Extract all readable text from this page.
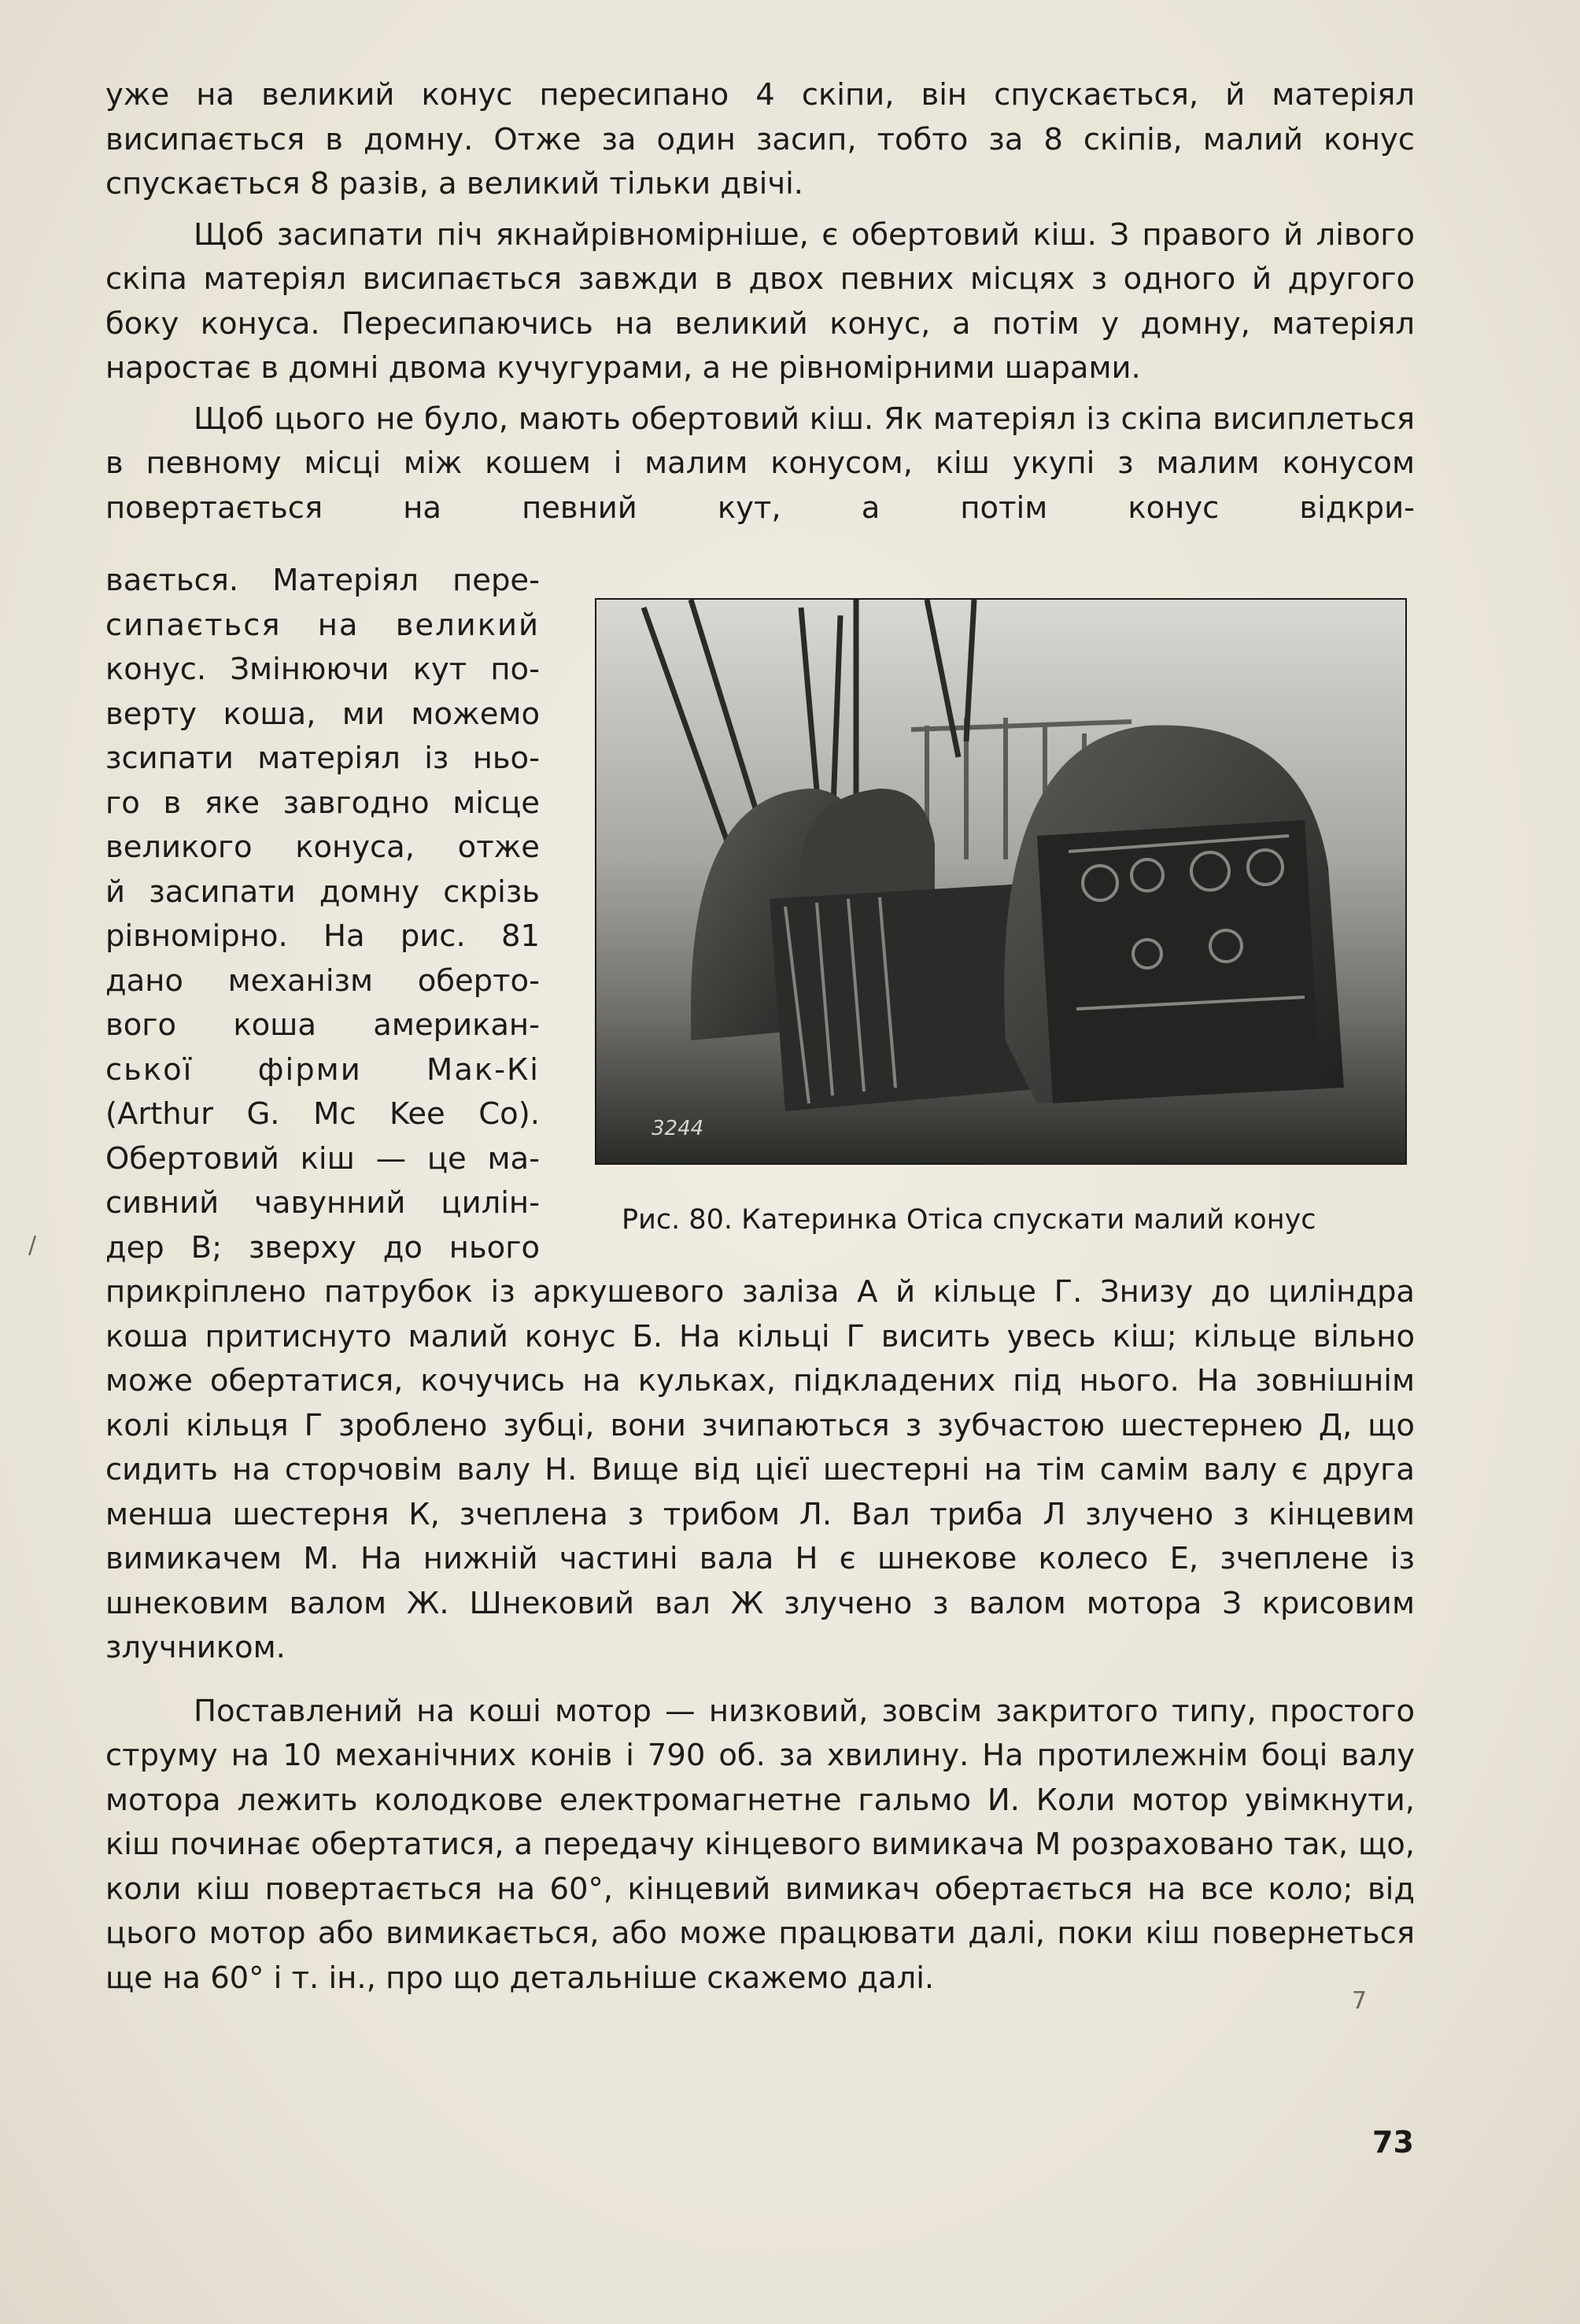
уже на великий конус пересипано 4 скіпи, він спускається, й матеріял висипається в домну. Отже за один засип, тобто за 8 скіпів, малий конус спускається 8 разів, а великий тільки двічі.

Щоб засипати піч якнайрівномірніше, є обертовий кіш. З правого й лівого скіпа матеріял висипається завжди в двох певних місцях з одного й другого боку конуса. Пересипаючись на великий конус, а потім у домну, матеріял наростає в домні двома кучугурами, а не рівномірними шарами.

Щоб цього не було, мають обертовий кіш. Як матеріял із скіпа висиплеться в певному місці між кошем і малим конусом, кіш укупі з малим конусом повертається на певний кут, а потім конус відкри-

вається. Матеріял пере-

сипається на великий

конус. Змінюючи кут по-

верту коша, ми можемо

зсипати матеріял із ньо-

го в яке завгодно місце

великого конуса, отже

й засипати домну скрізь

рівномірно. На рис. 81

дано механізм оберто-

вого коша американ-

ської фірми Мак-Кі

(Arthur G. Mc Kee Co).

Обертовий кіш — це ма-

сивний чавунний цилін-

дер В; зверху до нього

3244
Рис. 80. Катеринка Отіса спускати малий конус

прикріплено патрубок із аркушевого заліза А й кільце Г. Знизу до циліндра коша притиснуто малий конус Б. На кільці Г висить увесь кіш; кільце вільно може обертатися, кочучись на кульках, підкладених під нього. На зовнішнім колі кільця Г зроблено зубці, вони зчипаються з зубчастою шестернею Д, що сидить на сторчовім валу Н. Вище від цієї шестерні на тім самім валу є друга менша шестерня К, зчеплена з трибом Л. Вал триба Л злучено з кінцевим вимикачем М. На нижній частині вала Н є шнекове колесо Е, зчеплене із шнековим валом Ж. Шнековий вал Ж злучено з валом мотора З крисовим злучником.

Поставлений на коші мотор — низковий, зовсім закритого типу, простого струму на 10 механічних конів і 790 об. за хвилину. На протилежнім боці валу мотора лежить колодкове електромагнетне гальмо И. Коли мотор увімкнути, кіш починає обертатися, а передачу кінцевого вимикача М розраховано так, що, коли кіш повертається на 60°, кінцевий вимикач обертається на все коло; від цього мотор або вимикається, або може працювати далі, поки кіш повернеться ще на 60° і т. ін., про що детальніше скажемо далі.

73
/
7
